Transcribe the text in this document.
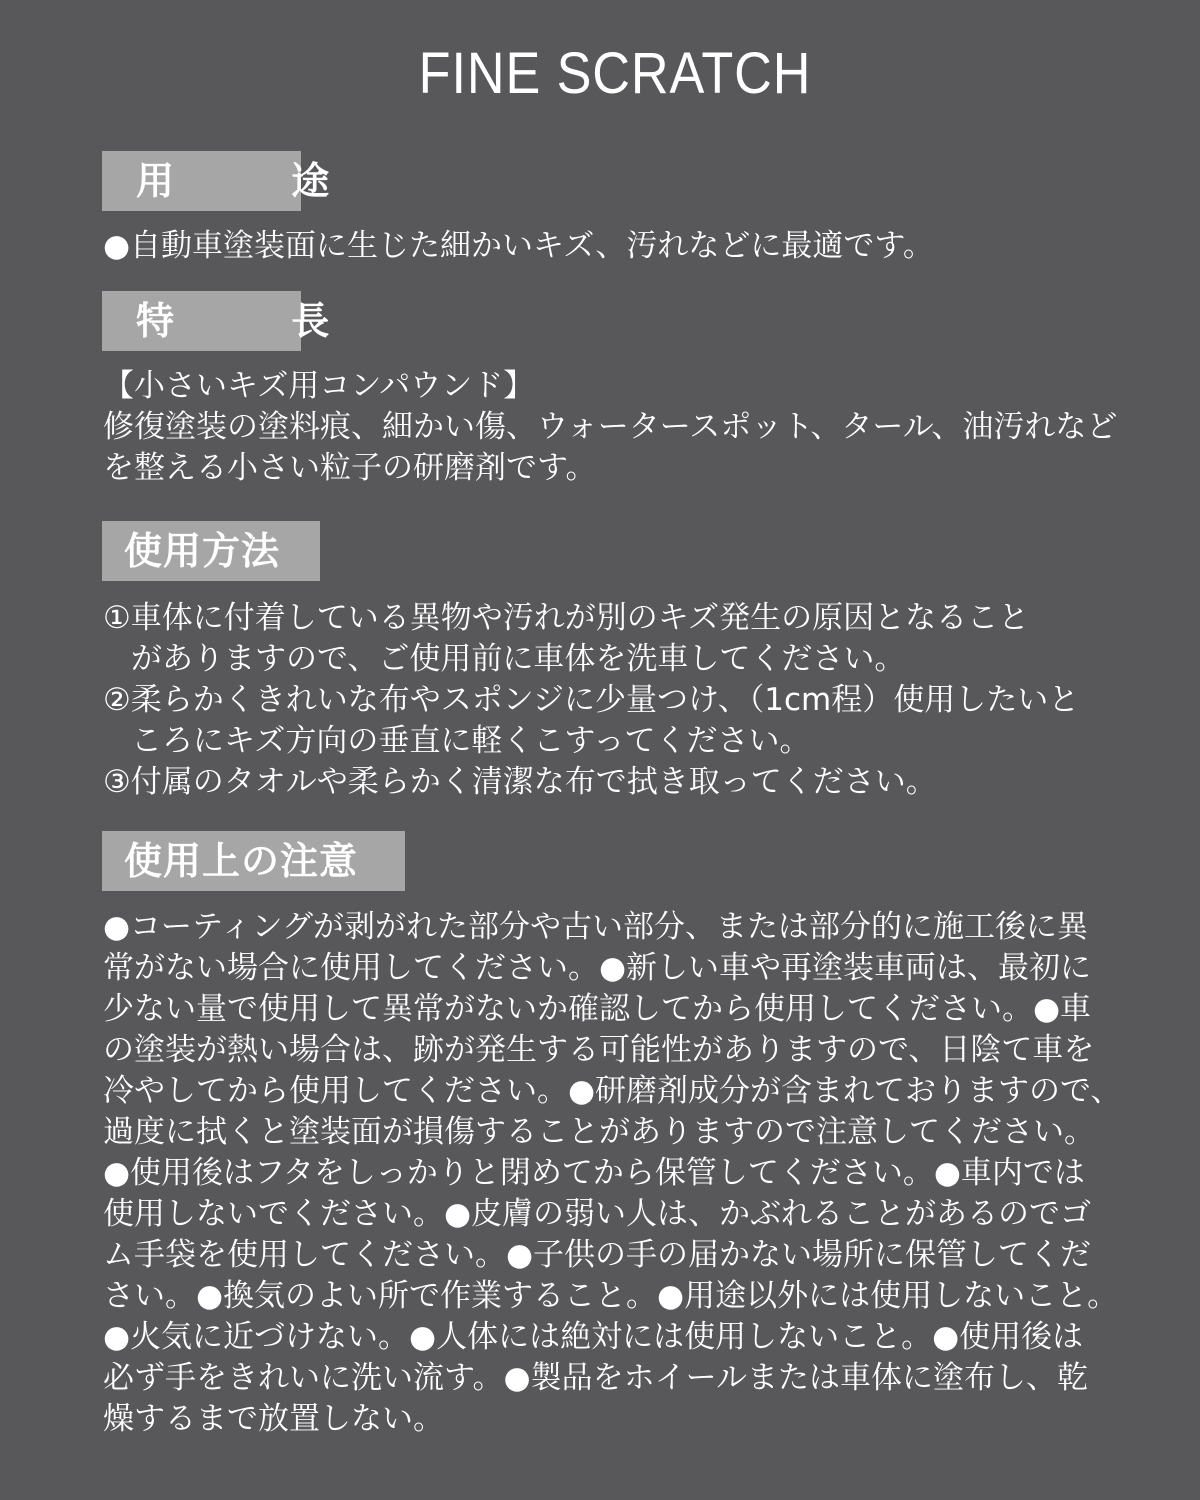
FINE SCRATCH
用 途
●自動車塗装面に生じた細かいキズ、汚れなどに最適です。
特 長
【小さいキズ用コンパウンド】
修復塗装の塗料痕、細かい傷、ウォータースポット、タール、油汚れなど
を整える小さい粒子の研磨剤です。
使用方法
①車体に付着している異物や汚れが別のキズ発生の原因となること
がありますので、ご使用前に車体を洗車してください。
②柔らかくきれいな布やスポンジに少量つけ、（1cm程）使用したいと
ころにキズ方向の垂直に軽くこすってください。
③付属のタオルや柔らかく清潔な布で拭き取ってください。
使用上の注意
●コーティングが剥がれた部分や古い部分、または部分的に施工後に異
常がない場合に使用してください。●新しい車や再塗装車両は、最初に
少ない量で使用して異常がないか確認してから使用してください。●車
の塗装が熱い場合は、跡が発生する可能性がありますので、日陰て車を
冷やしてから使用してください。●研磨剤成分が含まれておりますので、
過度に拭くと塗装面が損傷することがありますので注意してください。
●使用後はフタをしっかりと閉めてから保管してください。●車内では
使用しないでください。●皮膚の弱い人は、かぶれることがあるのでゴ
ム手袋を使用してください。●子供の手の届かない場所に保管してくだ
さい。●換気のよい所で作業すること。●用途以外には使用しないこと。
●火気に近づけない。●人体には絶対には使用しないこと。●使用後は
必ず手をきれいに洗い流す。●製品をホイールまたは車体に塗布し、乾
燥するまで放置しない。
